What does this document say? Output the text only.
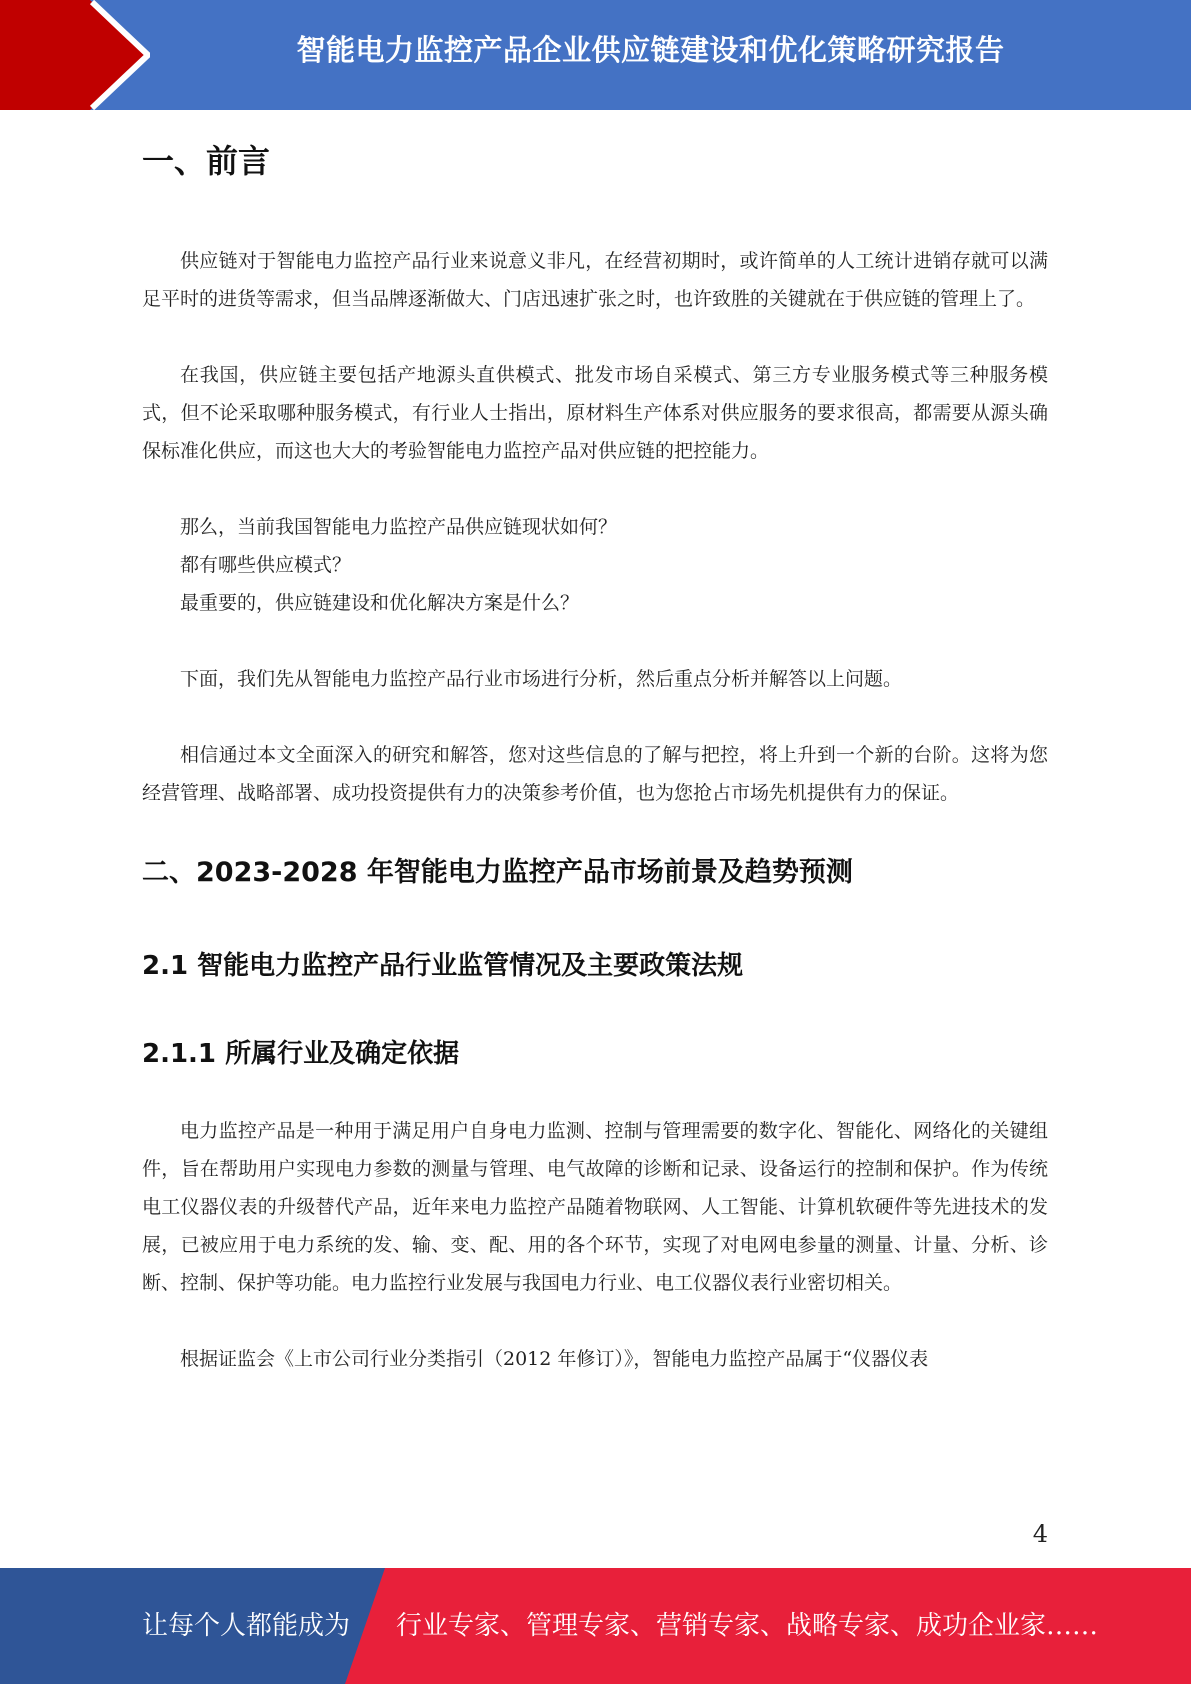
智能电力监控产品企业供应链建设和优化策略研究报告
一、前言

供应链对于智能电力监控产品行业来说意义非凡，在经营初期时，或许简单的人工统计进销存就可以满足平时的进货等需求，但当品牌逐渐做大、门店迅速扩张之时，也许致胜的关键就在于供应链的管理上了。

在我国，供应链主要包括产地源头直供模式、批发市场自采模式、第三方专业服务模式等三种服务模式，但不论采取哪种服务模式，有行业人士指出，原材料生产体系对供应服务的要求很高，都需要从源头确保标准化供应，而这也大大的考验智能电力监控产品对供应链的把控能力。

那么，当前我国智能电力监控产品供应链现状如何？

都有哪些供应模式？

最重要的，供应链建设和优化解决方案是什么？

下面，我们先从智能电力监控产品行业市场进行分析，然后重点分析并解答以上问题。

相信通过本文全面深入的研究和解答，您对这些信息的了解与把控，将上升到一个新的台阶。这将为您经营管理、战略部署、成功投资提供有力的决策参考价值，也为您抢占市场先机提供有力的保证。

二、2023-2028 年智能电力监控产品市场前景及趋势预测
2.1 智能电力监控产品行业监管情况及主要政策法规
2.1.1 所属行业及确定依据

电力监控产品是一种用于满足用户自身电力监测、控制与管理需要的数字化、智能化、网络化的关键组件，旨在帮助用户实现电力参数的测量与管理、电气故障的诊断和记录、设备运行的控制和保护。作为传统电工仪器仪表的升级替代产品，近年来电力监控产品随着物联网、人工智能、计算机软硬件等先进技术的发展，已被应用于电力系统的发、输、变、配、用的各个环节，实现了对电网电参量的测量、计量、分析、诊断、控制、保护等功能。电力监控行业发展与我国电力行业、电工仪器仪表行业密切相关。

根据证监会《上市公司行业分类指引（2012 年修订）》，智能电力监控产品属于“仪器仪表

4
让每个人都能成为 行业专家、管理专家、营销专家、战略专家、成功企业家……
